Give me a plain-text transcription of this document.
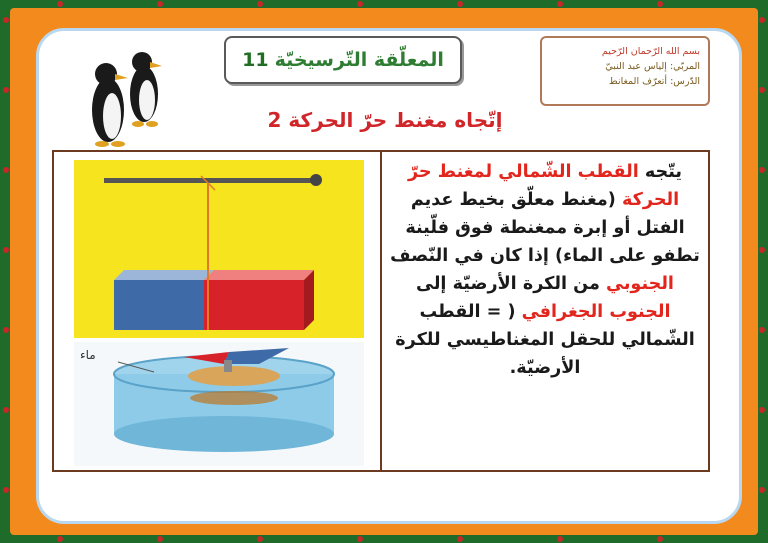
المعلّقة التّرسيخيّة
11	بسم الله الرّحمان الرّحيم
المربّي: إلياس عبد النبيّ
الدّرس: أتعرّف المغانط
إتّجاه مغنط حرّ الحركة 2
يتّجه القطب الشّمالي لمغنط حرّ الحركة (مغنط معلّق بخيط عديم الفتل أو إبرة ممغنطة فوق فلّينة تطفو على الماء) إذا كان في النّصف الجنوبي من الكرة الأرضيّة إلى الجنوب الجغرافي ( = القطب الشّمالي للحقل المغناطيسي للكرة الأرضيّة.
ماء
